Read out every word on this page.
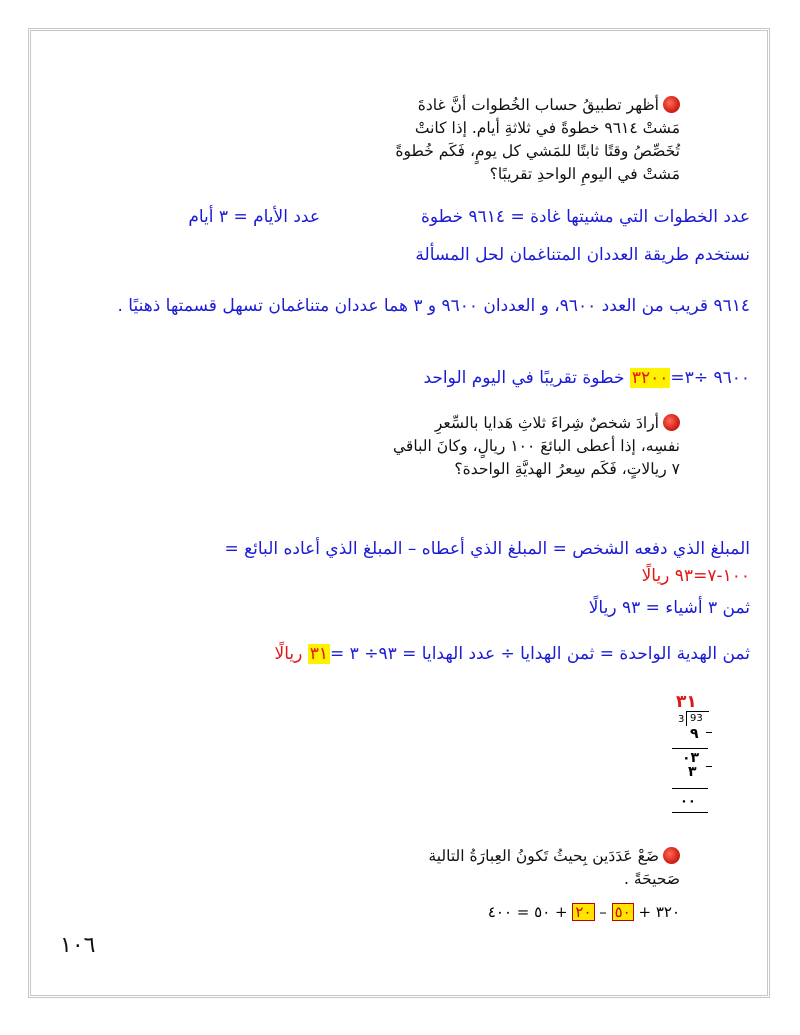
أظهر تطبيقُ حساب الخُطوات أنَّ غادةَ
مَشتْ ٩٦١٤ خطوةً في ثلاثةِ أيام. إذا كانتْ
تُخَصِّصُ وقتًا ثابتًا للمَشي كل يومٍ، فَكَم خُطوةً
مَشتْ في اليومِ الواحدِ تقريبًا؟
عدد الخطوات التي مشيتها غادة = ٩٦١٤ خطوة
عدد الأيام = ٣ أيام
نستخدم طريقة العددان المتناغمان لحل المسألة
٩٦١٤ قريب من العدد ٩٦٠٠، و العددان ٩٦٠٠ و ٣ هما عددان متناغمان تسهل قسمتها ذهنيًا .
٩٦٠٠ ÷٣=٣٢٠٠ خطوة تقريبًا في اليوم الواحد
أرادَ شخصٌ شِراءَ ثلاثِ هَدايا بالسِّعرِ
نفسِه، إذا أعطى البائعَ ١٠٠ ريالٍ، وكانَ الباقي
٧ ريالاتٍ، فَكَم سِعرُ الهديَّةِ الواحدة؟
المبلغ الذي دفعه الشخص = المبلغ الذي أعطاه – المبلغ الذي أعاده البائع =
١٠٠-٧=٩٣ ريالًا
ثمن ٣ أشياء = ٩٣ ريالًا
ثمن الهدية الواحدة = ثمن الهدايا ÷ عدد الهدايا = ٩٣÷ ٣ =٣١ ريالًا
٣١
3 93
٩
٠٣
٣
٠٠
ضَعْ عَدَدَين بِحيثُ تَكونُ العِبارَةُ التالية
صَحيحَةً .
٣٢٠ + ٥٠ – ٢٠ + ٥٠ = ٤٠٠
١٠٦
